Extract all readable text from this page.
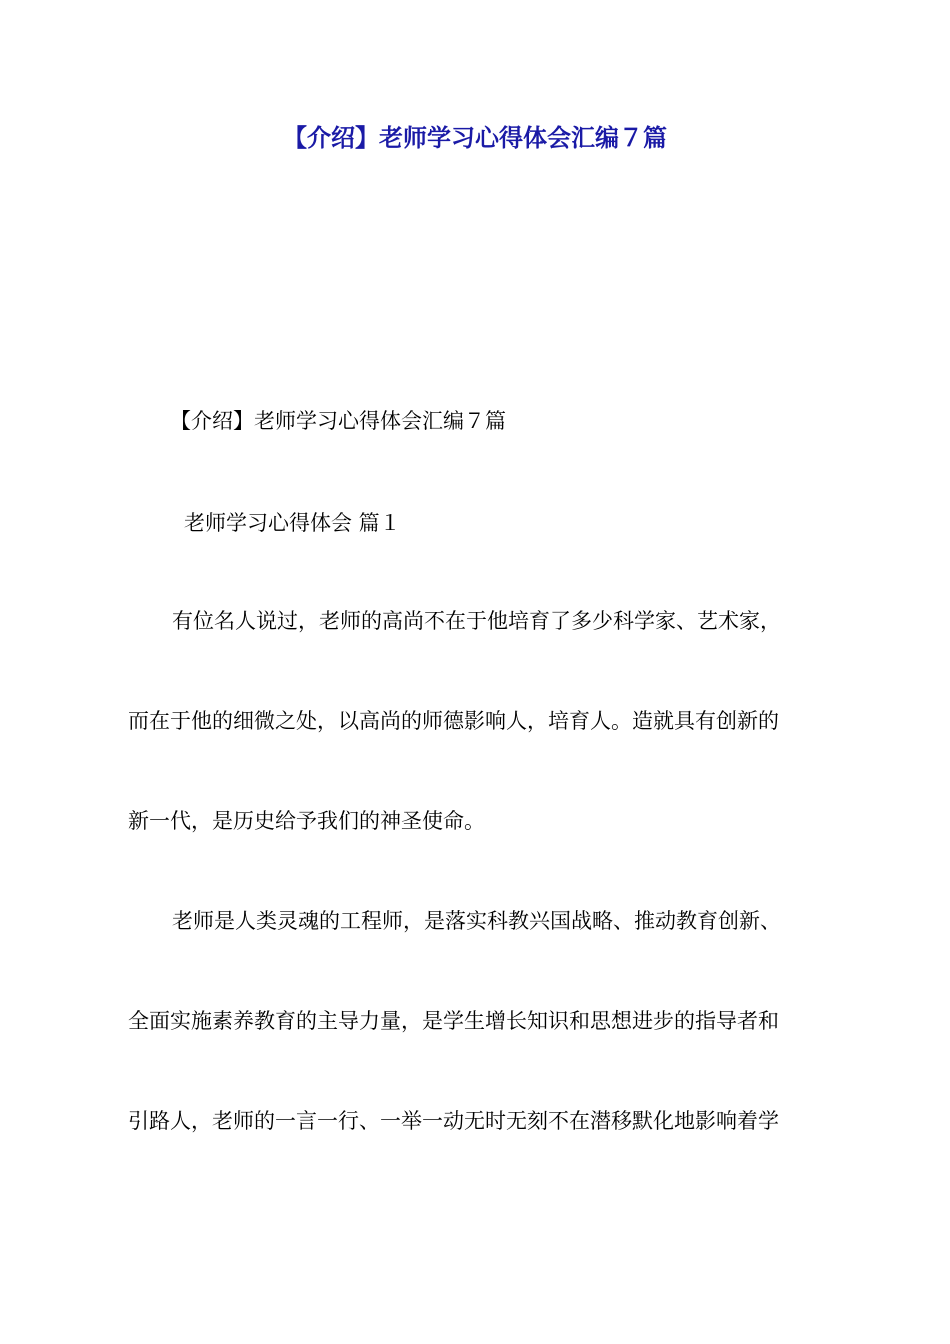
【介绍】老师学习心得体会汇编７篇

【介绍】老师学习心得体会汇编７篇

老师学习心得体会 篇１

有位名人说过，老师的高尚不在于他培育了多少科学家、艺术家，

而在于他的细微之处，以高尚的师德影响人，培育人。造就具有创新的

新一代，是历史给予我们的神圣使命。

老师是人类灵魂的工程师，是落实科教兴国战略、推动教育创新、

全面实施素养教育的主导力量，是学生增长知识和思想进步的指导者和

引路人，老师的一言一行、一举一动无时无刻不在潜移默化地影响着学
